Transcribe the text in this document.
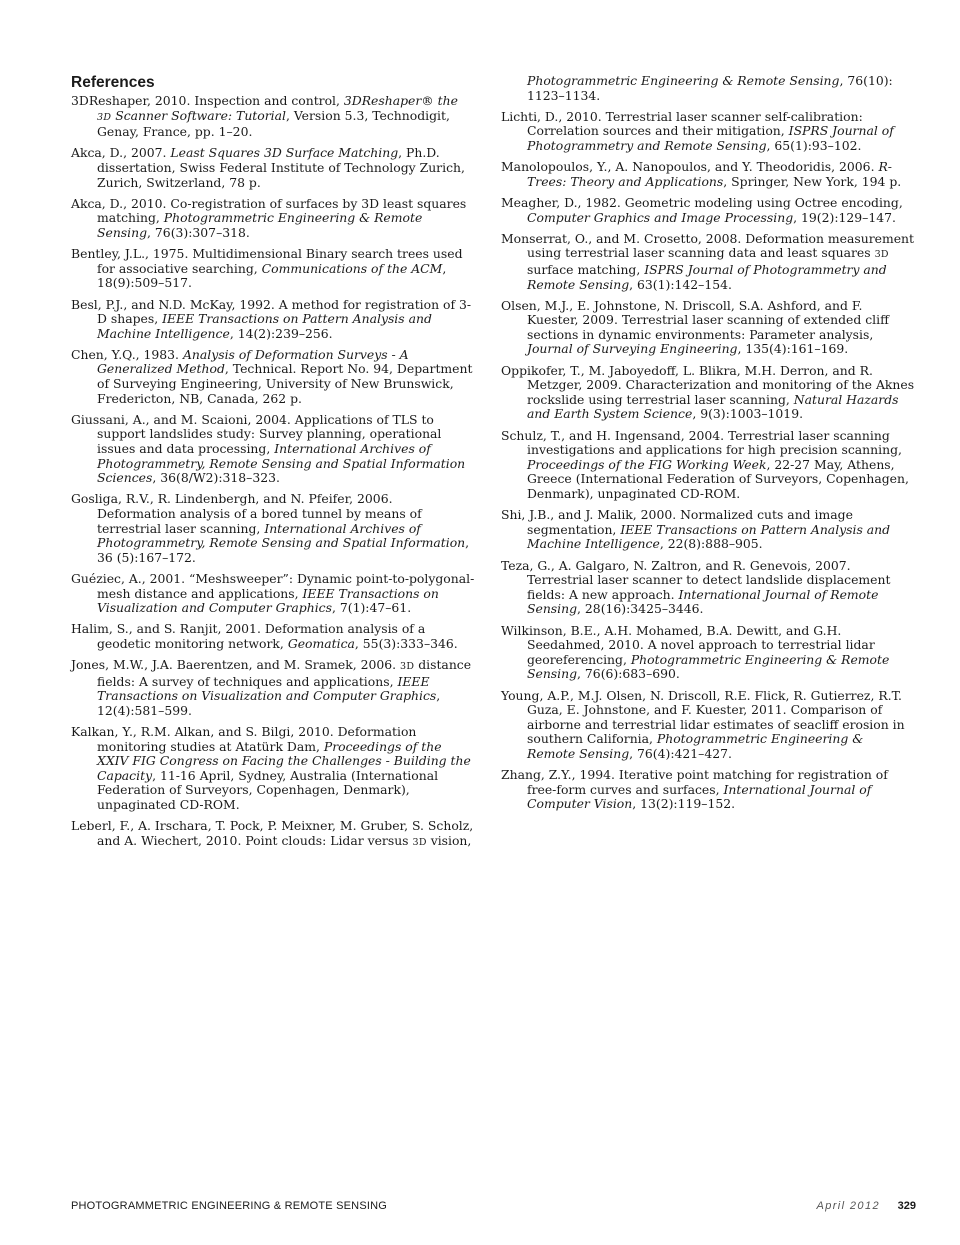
References
3DReshaper, 2010. Inspection and control, 3DReshaper® the 3D Scanner Software: Tutorial, Version 5.3, Technodigit, Genay, France, pp. 1–20.
Akca, D., 2007. Least Squares 3D Surface Matching, Ph.D. dissertation, Swiss Federal Institute of Technology Zurich, Zurich, Switzerland, 78 p.
Akca, D., 2010. Co-registration of surfaces by 3D least squares matching, Photogrammetric Engineering & Remote Sensing, 76(3):307–318.
Bentley, J.L., 1975. Multidimensional Binary search trees used for associative searching, Communications of the ACM, 18(9):509–517.
Besl, P.J., and N.D. McKay, 1992. A method for registration of 3-D shapes, IEEE Transactions on Pattern Analysis and Machine Intelligence, 14(2):239–256.
Chen, Y.Q., 1983. Analysis of Deformation Surveys - A Generalized Method, Technical. Report No. 94, Department of Surveying Engineering, University of New Brunswick, Fredericton, NB, Canada, 262 p.
Giussani, A., and M. Scaioni, 2004. Applications of TLS to support landslides study: Survey planning, operational issues and data processing, International Archives of Photogrammetry, Remote Sensing and Spatial Information Sciences, 36(8/W2):318–323.
Gosliga, R.V., R. Lindenbergh, and N. Pfeifer, 2006. Deformation analysis of a bored tunnel by means of terrestrial laser scanning, International Archives of Photogrammetry, Remote Sensing and Spatial Information, 36 (5):167–172.
Guéziec, A., 2001. “Meshsweeper”: Dynamic point-to-polygonal-mesh distance and applications, IEEE Transactions on Visualization and Computer Graphics, 7(1):47–61.
Halim, S., and S. Ranjit, 2001. Deformation analysis of a geodetic monitoring network, Geomatica, 55(3):333–346.
Jones, M.W., J.A. Baerentzen, and M. Sramek, 2006. 3D distance fields: A survey of techniques and applications, IEEE Transactions on Visualization and Computer Graphics, 12(4):581–599.
Kalkan, Y., R.M. Alkan, and S. Bilgi, 2010. Deformation monitoring studies at Atatürk Dam, Proceedings of the XXIV FIG Congress on Facing the Challenges - Building the Capacity, 11-16 April, Sydney, Australia (International Federation of Surveyors, Copenhagen, Denmark), unpaginated CD-ROM.
Leberl, F., A. Irschara, T. Pock, P. Meixner, M. Gruber, S. Scholz, and A. Wiechert, 2010. Point clouds: Lidar versus 3D vision,
Photogrammetric Engineering & Remote Sensing, 76(10): 1123–1134.
Lichti, D., 2010. Terrestrial laser scanner self-calibration: Correlation sources and their mitigation, ISPRS Journal of Photogrammetry and Remote Sensing, 65(1):93–102.
Manolopoulos, Y., A. Nanopoulos, and Y. Theodoridis, 2006. R-Trees: Theory and Applications, Springer, New York, 194 p.
Meagher, D., 1982. Geometric modeling using Octree encoding, Computer Graphics and Image Processing, 19(2):129–147.
Monserrat, O., and M. Crosetto, 2008. Deformation measurement using terrestrial laser scanning data and least squares 3D surface matching, ISPRS Journal of Photogrammetry and Remote Sensing, 63(1):142–154.
Olsen, M.J., E. Johnstone, N. Driscoll, S.A. Ashford, and F. Kuester, 2009. Terrestrial laser scanning of extended cliff sections in dynamic environments: Parameter analysis, Journal of Surveying Engineering, 135(4):161–169.
Oppikofer, T., M. Jaboyedoff, L. Blikra, M.H. Derron, and R. Metzger, 2009. Characterization and monitoring of the Aknes rockslide using terrestrial laser scanning, Natural Hazards and Earth System Science, 9(3):1003–1019.
Schulz, T., and H. Ingensand, 2004. Terrestrial laser scanning investigations and applications for high precision scanning, Proceedings of the FIG Working Week, 22-27 May, Athens, Greece (International Federation of Surveyors, Copenhagen, Denmark), unpaginated CD-ROM.
Shi, J.B., and J. Malik, 2000. Normalized cuts and image segmentation, IEEE Transactions on Pattern Analysis and Machine Intelligence, 22(8):888–905.
Teza, G., A. Galgaro, N. Zaltron, and R. Genevois, 2007. Terrestrial laser scanner to detect landslide displacement fields: A new approach. International Journal of Remote Sensing, 28(16):3425–3446.
Wilkinson, B.E., A.H. Mohamed, B.A. Dewitt, and G.H. Seedahmed, 2010. A novel approach to terrestrial lidar georeferencing, Photogrammetric Engineering & Remote Sensing, 76(6):683–690.
Young, A.P., M.J. Olsen, N. Driscoll, R.E. Flick, R. Gutierrez, R.T. Guza, E. Johnstone, and F. Kuester, 2011. Comparison of airborne and terrestrial lidar estimates of seacliff erosion in southern California, Photogrammetric Engineering & Remote Sensing, 76(4):421–427.
Zhang, Z.Y., 1994. Iterative point matching for registration of free-form curves and surfaces, International Journal of Computer Vision, 13(2):119–152.
PHOTOGRAMMETRIC ENGINEERING & REMOTE SENSING	April 2012 329
